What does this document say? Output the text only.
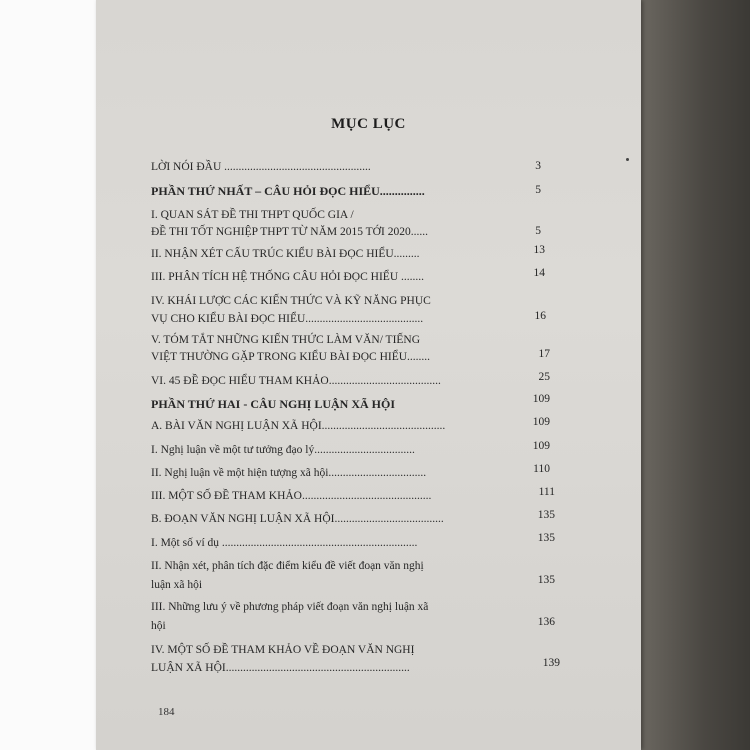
MỤC LỤC
LỜI NÓI ĐẦU ...................................................	3
PHẦN THỨ NHẤT – CÂU HỎI ĐỌC HIỂU...............	5
I. QUAN SÁT ĐỀ THI THPT QUỐC GIA /
ĐỀ THI TỐT NGHIỆP THPT TỪ NĂM 2015 TỚI 2020......	5
II. NHẬN XÉT CẤU TRÚC KIỂU BÀI ĐỌC HIỂU.........	13
III. PHÂN TÍCH HỆ THỐNG CÂU HỎI ĐỌC HIỂU ........	14
IV. KHÁI LƯỢC CÁC KIẾN THỨC VÀ KỸ NĂNG PHỤC
VỤ CHO KIỂU BÀI ĐỌC HIỂU.........................................	16
V. TÓM TẮT NHỮNG KIẾN THỨC LÀM VĂN/ TIẾNG
VIỆT THƯỜNG GẶP TRONG KIỂU BÀI ĐỌC HIỂU........	17
VI. 45 ĐỀ ĐỌC HIỂU THAM KHẢO.......................................	25
PHẦN THỨ HAI - CÂU NGHỊ LUẬN XÃ HỘI	109
A. BÀI VĂN NGHỊ LUẬN XÃ HỘI...........................................	109
I. Nghị luận về một tư tưởng đạo lý...................................	109
II. Nghị luận về một hiện tượng xã hội..................................	110
III. MỘT SỐ ĐỀ THAM KHẢO.............................................	111
B. ĐOẠN VĂN NGHỊ LUẬN XÃ HỘI......................................	135
I. Một số ví dụ ....................................................................	135
II. Nhận xét, phân tích đặc điểm kiểu đề viết đoạn văn nghị
luận xã hội	135
III. Những lưu ý về phương pháp viết đoạn văn nghị luận xã
hội	136
IV. MỘT SỐ ĐỀ THAM KHẢO VỀ ĐOẠN VĂN NGHỊ
LUẬN XÃ HỘI................................................................	139
184
